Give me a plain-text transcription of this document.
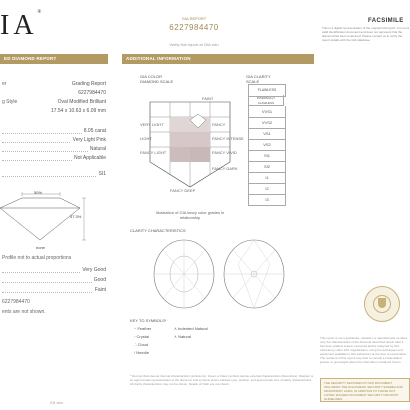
IA®
GIA REPORT
6227984470
Verify this report at GIA.edu
FACSIMILE
This is a digital representation of the original GIA report. It is not a valid identification document and does not represent that the diamond has been examined. Please contact us to verify the report details with the GIA database.
ED DIAMOND REPORT	ADDITIONAL INFORMATION
er	Grading Report
6227984470
g Style	Oval Modified Brilliant
17.54 x 10.63 x 6.09 mm
8.05 carat
Very Light Pink
Natural
Not Applicable
SI1
50%
57.3%
none
Profile not to actual proportions
Very Good
Good
Faint
6227984470
ents are not shown.
KB.abs
GIA COLOR DIAMOND SCALE
GIA CLARITY SCALE
FAINT
VERY LIGHT
LIGHT
FANCY LIGHT
FANCY
FANCY INTENSE
FANCY VIVID
FANCY DEEP
FANCY DARK
Illustration of GIA fancy color grades in relationship
FLAWLESS
INTERNALLY FLAWLESS
VVS1
VVS2
VS1
VS2
SI1
SI2
I1
I2
I3
CLARITY CHARACTERISTICS
KEY TO SYMBOLS*
~ Feather	∧ Indented Natural
◦ Crystal	∧ Natural
∴ Cloud
/ Needle
* Red symbols denote internal characteristics (inclusions). Green or black symbols denote external characteristics (blemishes). Diagram is an approximate representation of the diamond, and symbols shown indicate type, position, and approximate size of clarity characteristics. All clarity characteristics may not be shown. Details of finish are not shown.
This report is not a guarantee, valuation or appraisal and contains only the characteristics of the diamond described herein after it has been graded, tested, examined and/or analyzed by GIA Laboratory under 10X magnification, using the techniques and equipment available to GIA Laboratory at the time of examination. The recipient of this report may wish to consult a credentialed jeweler or gemologist about the information contained herein.
THE SECURITY FEATURES IN THIS DOCUMENT, INCLUDING THE HOLOGRAM, SECURITY SCREEN AND MICROPRINT LINES, IN ADDITION TO THOSE NOT LISTED, EXCEED DOCUMENT SECURITY INDUSTRY GUIDELINES.
